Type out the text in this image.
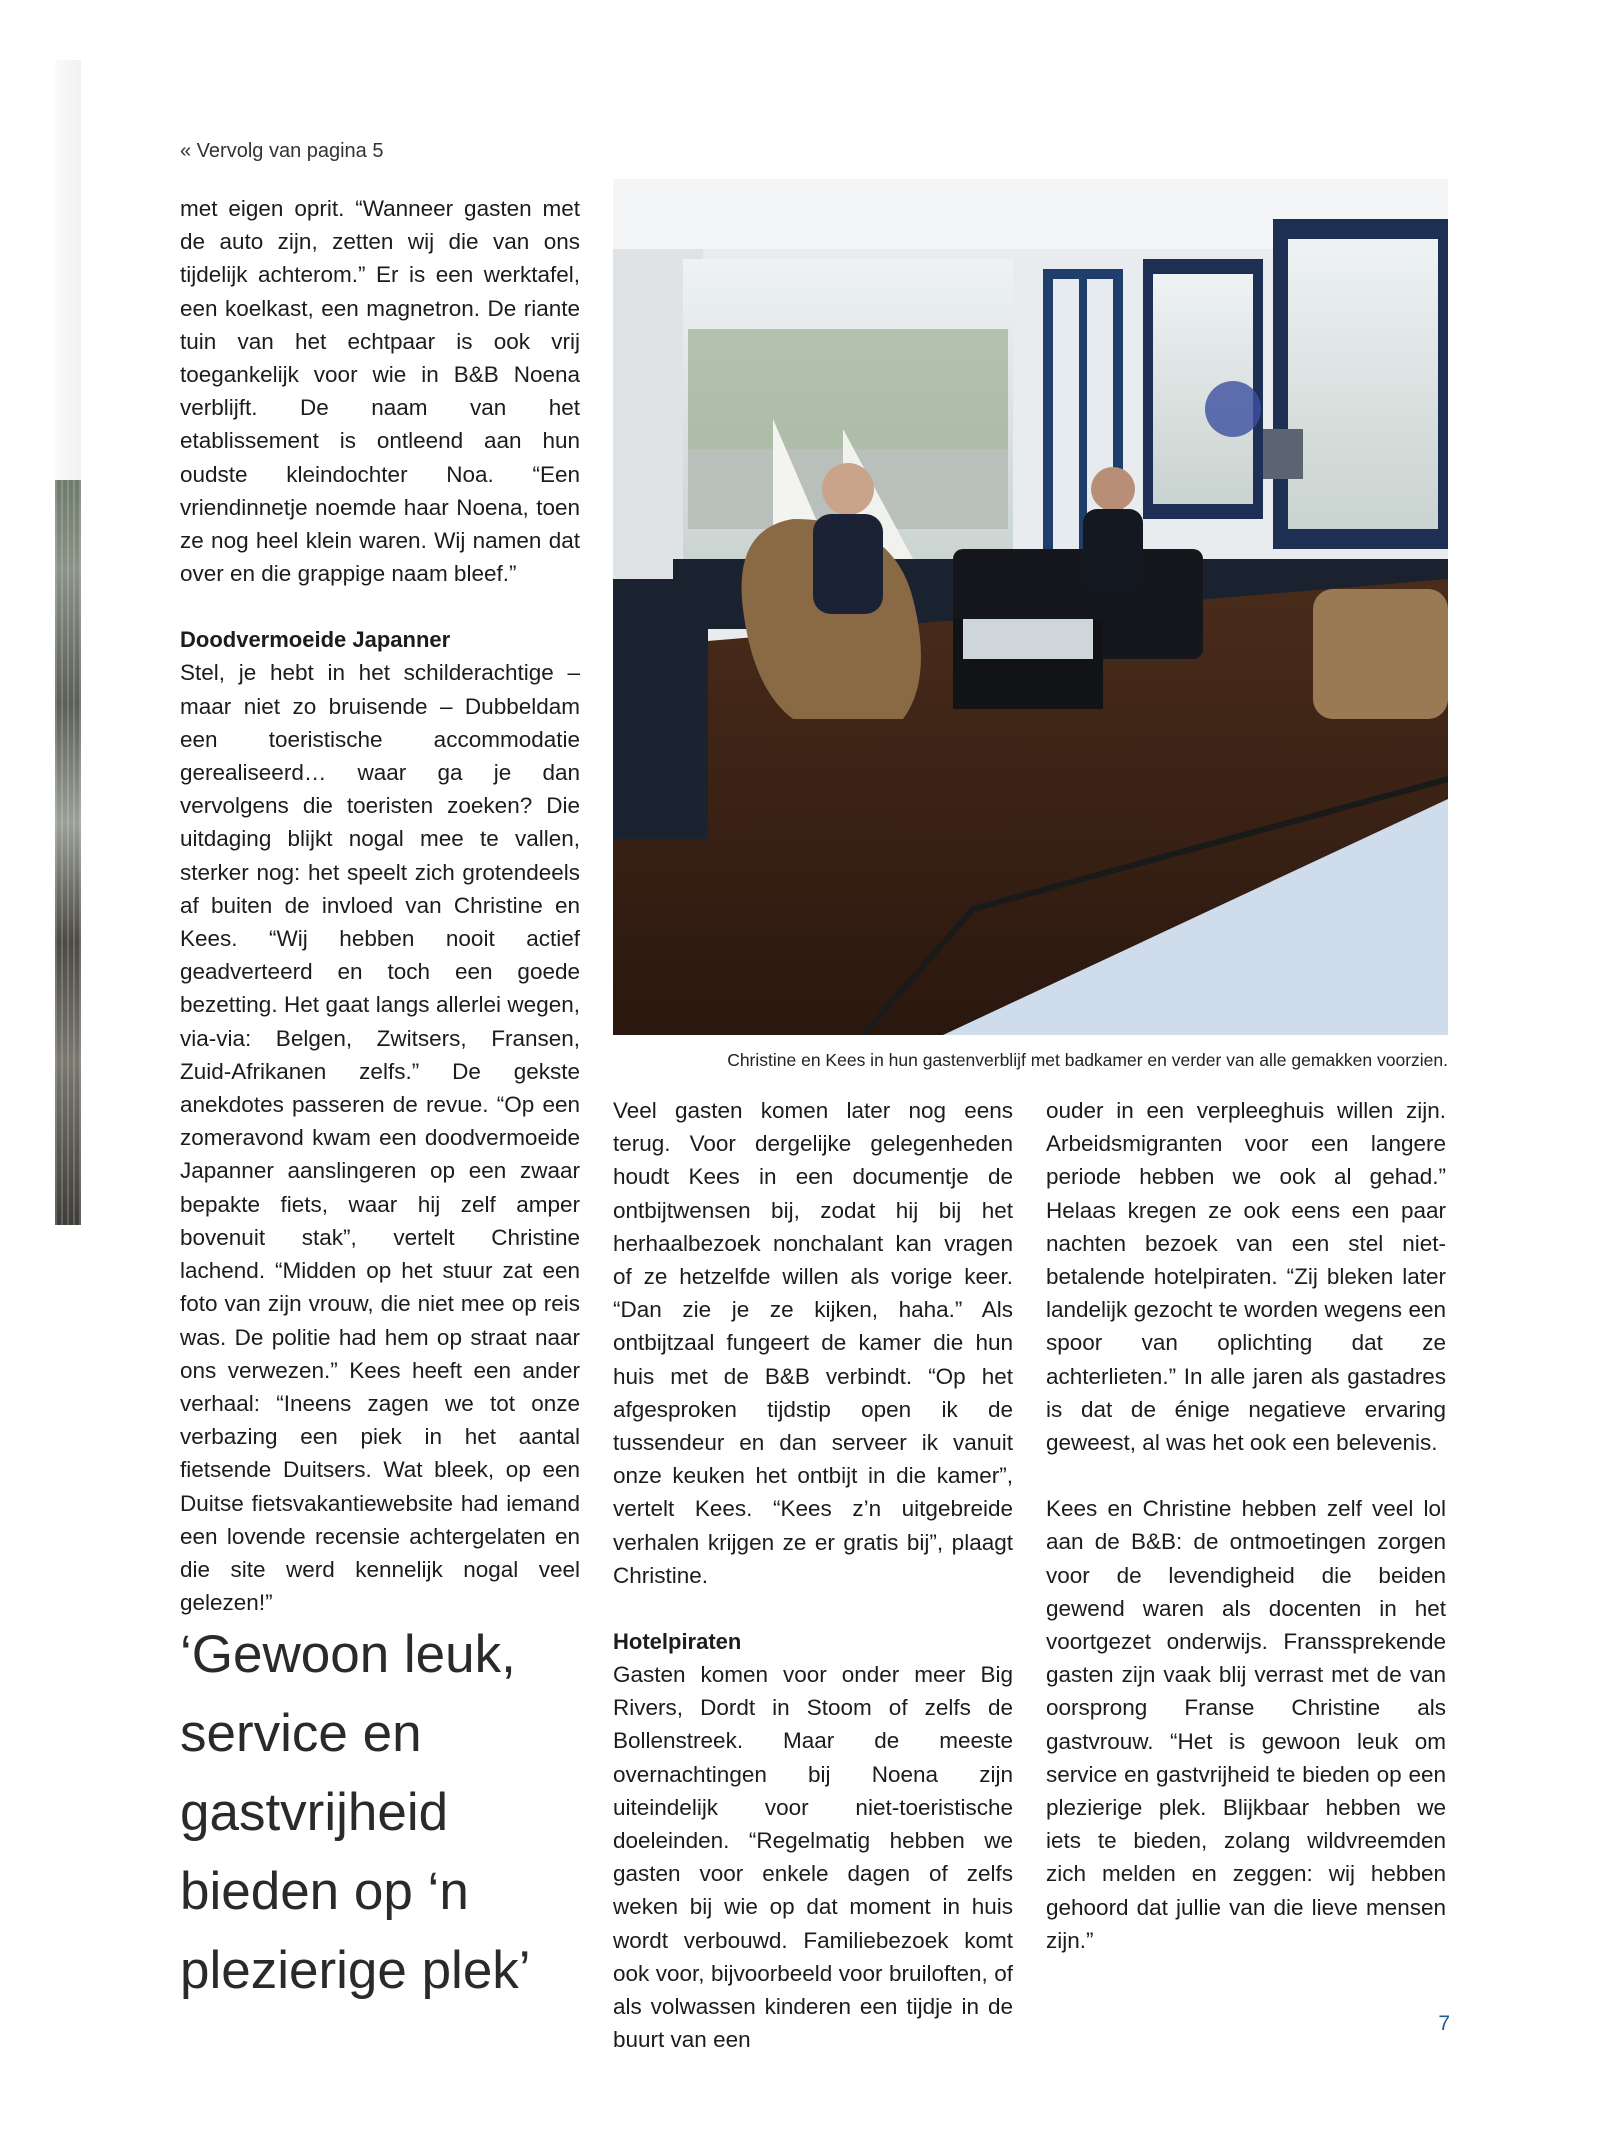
« Vervolg van pagina 5

met eigen oprit. “Wanneer gasten met de auto zijn, zetten wij die van ons tijdelijk achterom.” Er is een werktafel, een koelkast, een magnetron. De riante tuin van het echtpaar is ook vrij toegankelijk voor wie in B&B Noena verblijft. De naam van het etablissement is ontleend aan hun oudste kleindochter Noa. “Een vriendinnetje noemde haar Noena, toen ze nog heel klein waren. Wij namen dat over en die grappige naam bleef.”

Doodvermoeide Japanner

Stel, je hebt in het schilderachtige – maar niet zo bruisende – Dubbeldam een toeristische accommodatie gerealiseerd… waar ga je dan vervolgens die toeristen zoeken? Die uitdaging blijkt nogal mee te vallen, sterker nog: het speelt zich grotendeels af buiten de invloed van Christine en Kees. “Wij hebben nooit actief geadverteerd en toch een goede bezetting. Het gaat langs allerlei wegen, via-via: Belgen, Zwitsers, Fransen, Zuid-Afrikanen zelfs.” De gekste anekdotes passeren de revue. “Op een zomeravond kwam een doodvermoeide Japanner aanslingeren op een zwaar bepakte fiets, waar hij zelf amper bovenuit stak”, vertelt Christine lachend. “Midden op het stuur zat een foto van zijn vrouw, die niet mee op reis was. De politie had hem op straat naar ons verwezen.” Kees heeft een ander verhaal: “Ineens zagen we tot onze verbazing een piek in het aantal fietsende Duitsers. Wat bleek, op een Duitse fietsvakantiewebsite had iemand een lovende recensie achtergelaten en die site werd kennelijk nogal veel gelezen!”

‘Gewoon leuk, service en gastvrijheid bieden op ‘n plezierige plek’
Christine en Kees in hun gastenverblijf met badkamer en verder van alle gemakken voorzien.

Veel gasten komen later nog eens terug. Voor dergelijke gelegenheden houdt Kees in een documentje de ontbijtwensen bij, zodat hij bij het herhaalbezoek nonchalant kan vragen of ze hetzelfde willen als vorige keer. “Dan zie je ze kijken, haha.” Als ontbijtzaal fungeert de kamer die hun huis met de B&B verbindt. “Op het afgesproken tijdstip open ik de tussendeur en dan serveer ik vanuit onze keuken het ontbijt in die kamer”, vertelt Kees. “Kees z’n uitgebreide verhalen krijgen ze er gratis bij”, plaagt Christine.

Hotelpiraten

Gasten komen voor onder meer Big Rivers, Dordt in Stoom of zelfs de Bollenstreek. Maar de meeste overnachtingen bij Noena zijn uiteindelijk voor niet-toeristische doeleinden. “Regelmatig hebben we gasten voor enkele dagen of zelfs weken bij wie op dat moment in huis wordt verbouwd. Familiebezoek komt ook voor, bijvoorbeeld voor bruiloften, of als volwassen kinderen een tijdje in de buurt van een

ouder in een verpleeghuis willen zijn. Arbeidsmigranten voor een langere periode hebben we ook al gehad.” Helaas kregen ze ook eens een paar nachten bezoek van een stel niet-betalende hotelpiraten. “Zij bleken later landelijk gezocht te worden wegens een spoor van oplichting dat ze achterlieten.” In alle jaren als gastadres is dat de énige negatieve ervaring geweest, al was het ook een belevenis.

Kees en Christine hebben zelf veel lol aan de B&B: de ontmoetingen zorgen voor de levendigheid die beiden gewend waren als docenten in het voortgezet onderwijs. Franssprekende gasten zijn vaak blij verrast met de van oorsprong Franse Christine als gastvrouw. “Het is gewoon leuk om service en gastvrijheid te bieden op een plezierige plek. Blijkbaar hebben we iets te bieden, zolang wildvreemden zich melden en zeggen: wij hebben gehoord dat jullie van die lieve mensen zijn.”

7
